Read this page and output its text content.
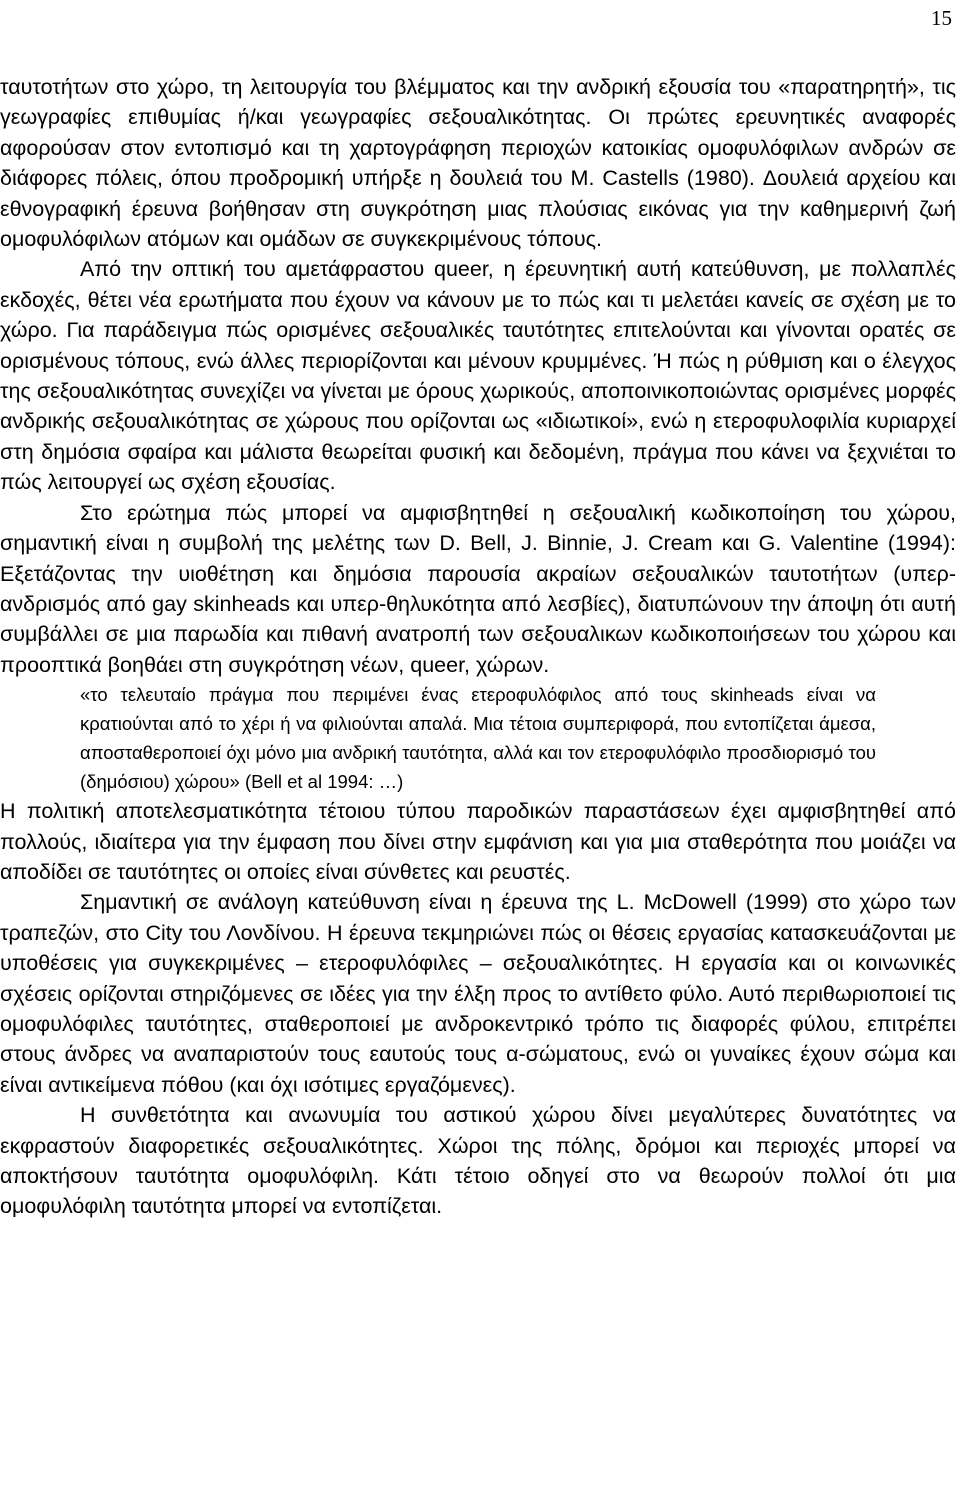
15

ταυτοτήτων στο χώρο, τη λειτουργία του βλέμματος και την ανδρική εξουσία του «παρατηρητή», τις γεωγραφίες επιθυμίας ή/και γεωγραφίες σεξουαλικότητας. Οι πρώτες ερευνητικές αναφορές αφορούσαν στον εντοπισμό και τη χαρτογράφηση περιοχών κατοικίας ομοφυλόφιλων ανδρών σε διάφορες πόλεις, όπου προδρομική υπήρξε η δουλειά του M. Castells (1980). Δουλειά αρχείου και εθνογραφική έρευνα βοήθησαν στη συγκρότηση μιας πλούσιας εικόνας για την καθημερινή ζωή ομοφυλόφιλων ατόμων και ομάδων σε συγκεκριμένους τόπους.

Από την οπτική του αμετάφραστου queer, η έρευνητική αυτή κατεύθυνση, με πολλαπλές εκδοχές, θέτει νέα ερωτήματα που έχουν να κάνουν με το πώς και τι μελετάει κανείς σε σχέση με το χώρο. Για παράδειγμα πώς ορισμένες σεξουαλικές ταυτότητες επιτελούνται και γίνονται ορατές σε ορισμένους τόπους, ενώ άλλες περιορίζονται και μένουν κρυμμένες. Ή πώς η ρύθμιση και ο έλεγχος της σεξουαλικότητας συνεχίζει να γίνεται με όρους χωρικούς, αποποινικοποιώντας ορισμένες μορφές ανδρικής σεξουαλικότητας σε χώρους που ορίζονται ως «ιδιωτικοί», ενώ η ετεροφυλοφιλία κυριαρχεί στη δημόσια σφαίρα και μάλιστα θεωρείται φυσική και δεδομένη, πράγμα που κάνει να ξεχνιέται το πώς λειτουργεί ως σχέση εξουσίας.

Στο ερώτημα πώς μπορεί να αμφισβητηθεί η σεξουαλική κωδικοποίηση του χώρου, σημαντική είναι η συμβολή της μελέτης των D. Bell, J. Binnie, J. Cream και G. Valentine (1994): Εξετάζοντας την υιοθέτηση και δημόσια παρουσία ακραίων σεξουαλικών ταυτοτήτων (υπερ-ανδρισμός από gay skinheads και υπερ-θηλυκότητα από λεσβίες), διατυπώνουν την άποψη ότι αυτή συμβάλλει σε μια παρωδία και πιθανή ανατροπή των σεξουαλικων κωδικοποιήσεων του χώρου και προοπτικά βοηθάει στη συγκρότηση νέων, queer, χώρων.

«το τελευταίο πράγμα που περιμένει ένας ετεροφυλόφιλος από τους skinheads είναι να κρατιούνται από το χέρι ή να φιλιούνται απαλά. Μια τέτοια συμπεριφορά, που εντοπίζεται άμεσα, αποσταθεροποιεί όχι μόνο μια ανδρική ταυτότητα, αλλά και τον ετεροφυλόφιλο προσδιορισμό του (δημόσιου) χώρου» (Bell et al 1994: …)

Η πολιτική αποτελεσματικότητα τέτοιου τύπου παροδικών παραστάσεων έχει αμφισβητηθεί από πολλούς, ιδιαίτερα για την έμφαση που δίνει στην εμφάνιση και για μια σταθερότητα που μοιάζει να αποδίδει σε ταυτότητες οι οποίες είναι σύνθετες και ρευστές.

Σημαντική σε ανάλογη κατεύθυνση είναι η έρευνα της L. McDowell (1999) στο χώρο των τραπεζών, στο City του Λονδίνου. Η έρευνα τεκμηριώνει πώς οι θέσεις εργασίας κατασκευάζονται με υποθέσεις για συγκεκριμένες – ετεροφυλόφιλες – σεξουαλικότητες. Η εργασία και οι κοινωνικές σχέσεις ορίζονται στηριζόμενες σε ιδέες για την έλξη προς το αντίθετο φύλο. Αυτό περιθωριοποιεί τις ομοφυλόφιλες ταυτότητες, σταθεροποιεί με ανδροκεντρικό τρόπο τις διαφορές φύλου, επιτρέπει στους άνδρες να αναπαριστούν τους εαυτούς τους α-σώματους, ενώ οι γυναίκες έχουν σώμα και είναι αντικείμενα πόθου (και όχι ισότιμες εργαζόμενες).

Η συνθετότητα και ανωνυμία του αστικού χώρου δίνει μεγαλύτερες δυνατότητες να εκφραστούν διαφορετικές σεξουαλικότητες. Χώροι της πόλης, δρόμοι και περιοχές μπορεί να αποκτήσουν ταυτότητα ομοφυλόφιλη. Κάτι τέτοιο οδηγεί στο να θεωρούν πολλοί ότι μια ομοφυλόφιλη ταυτότητα μπορεί να εντοπίζεται.
